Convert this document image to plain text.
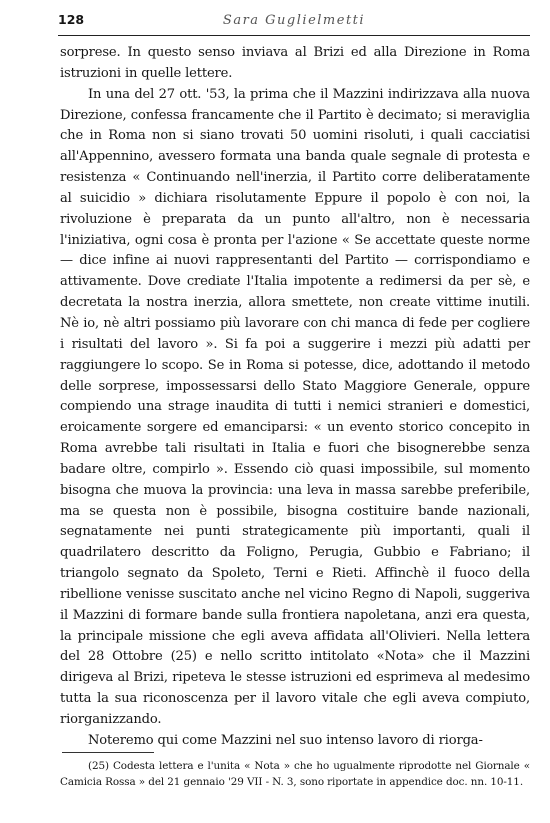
128	Sara Guglielmetti

sorprese. In questo senso inviava al Brizi ed alla Direzione in Roma istruzioni in quelle lettere.

In una del 27 ott. '53, la prima che il Mazzini indirizzava alla nuova Direzione, confessa francamente che il Partito è decimato; si meraviglia che in Roma non si siano trovati 50 uomini risoluti, i quali cacciatisi all'Appennino, avessero formata una banda quale segnale di protesta e resistenza « Continuando nell'inerzia, il Partito corre deliberatamente al suicidio » dichiara risolutamente Eppure il popolo è con noi, la rivoluzione è preparata da un punto all'altro, non è necessaria l'iniziativa, ogni cosa è pronta per l'azione « Se accettate queste norme — dice infine ai nuovi rappresentanti del Partito — corrispondiamo e attivamente. Dove crediate l'Italia impotente a redimersi da per sè, e decretata la nostra inerzia, allora smettete, non create vittime inutili. Nè io, nè altri possiamo più lavorare con chi manca di fede per cogliere i risultati del lavoro ». Si fa poi a suggerire i mezzi più adatti per raggiungere lo scopo. Se in Roma si potesse, dice, adottando il metodo delle sorprese, impossessarsi dello Stato Maggiore Generale, oppure compiendo una strage inaudita di tutti i nemici stranieri e domestici, eroicamente sorgere ed emanciparsi: « un evento storico concepito in Roma avrebbe tali risultati in Italia e fuori che bisognerebbe senza badare oltre, compirlo ». Essendo ciò quasi impossibile, sul momento bisogna che muova la provincia: una leva in massa sarebbe preferibile, ma se questa non è possibile, bisogna costituire bande nazionali, segnatamente nei punti strategicamente più importanti, quali il quadrilatero descritto da Foligno, Perugia, Gubbio e Fabriano; il triangolo segnato da Spoleto, Terni e Rieti. Affinchè il fuoco della ribellione venisse suscitato anche nel vicino Regno di Napoli, suggeriva il Mazzini di formare bande sulla frontiera napoletana, anzi era questa, la principale missione che egli aveva affidata all'Olivieri. Nella lettera del 28 Ottobre (25) e nello scritto intitolato «Nota» che il Mazzini dirigeva al Brizi, ripeteva le stesse istruzioni ed esprimeva al medesimo tutta la sua riconoscenza per il lavoro vitale che egli aveva compiuto, riorganizzando.

Noteremo qui come Mazzini nel suo intenso lavoro di riorga-

(25) Codesta lettera e l'unita « Nota » che ho ugualmente riprodotte nel Giornale « Camicia Rossa » del 21 gennaio '29 VII - N. 3, sono riportate in appendice doc. nn. 10-11.
